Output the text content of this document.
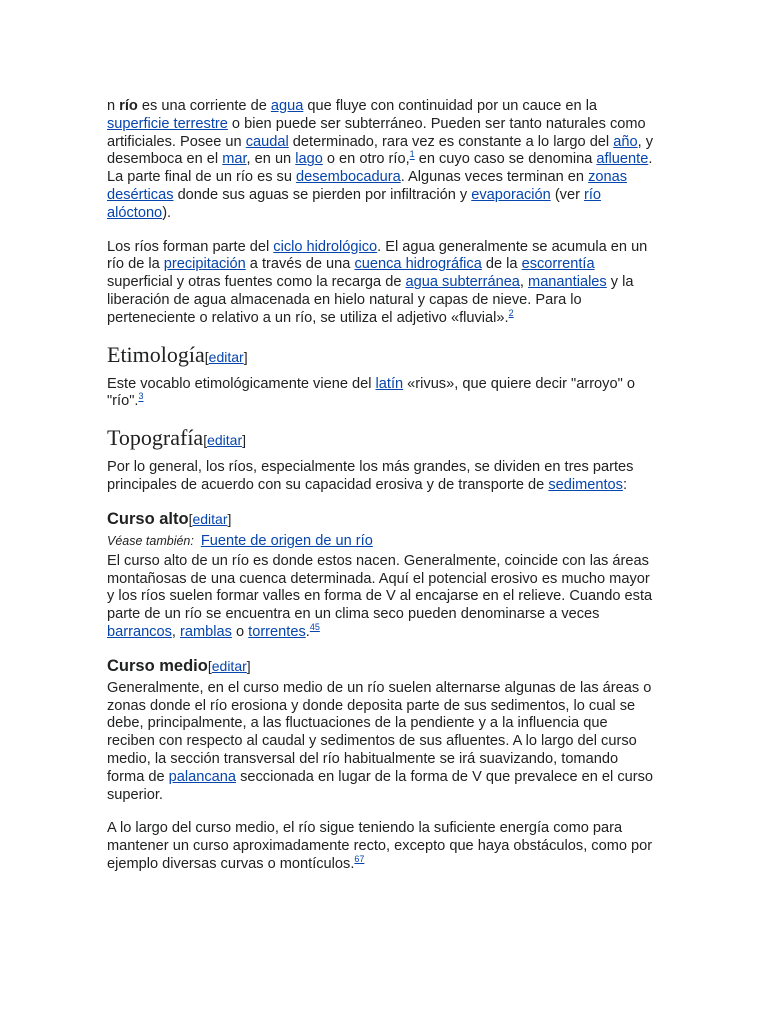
n río es una corriente de agua que fluye con continuidad por un cauce en la superficie terrestre o bien puede ser subterráneo. Pueden ser tanto naturales como artificiales. Posee un caudal determinado, rara vez es constante a lo largo del año, y desemboca en el mar, en un lago o en otro río,$^1$ en cuyo caso se denomina afluente. La parte final de un río es su desembocadura. Algunas veces terminan en zonas desérticas donde sus aguas se pierden por infiltración y evaporación (ver río alóctono).

Los ríos forman parte del ciclo hidrológico. El agua generalmente se acumula en un río de la precipitación a través de una cuenca hidrográfica de la escorrentía superficial y otras fuentes como la recarga de agua subterránea, manantiales y la liberación de agua almacenada en hielo natural y capas de nieve. Para lo perteneciente o relativo a un río, se utiliza el adjetivo «fluvial».$^2$

Etimología[editar]

Este vocablo etimológicamente viene del latín «rivus», que quiere decir "arroyo" o "río".$^3$

Topografía[editar]

Por lo general, los ríos, especialmente los más grandes, se dividen en tres partes principales de acuerdo con su capacidad erosiva y de transporte de sedimentos:

Curso alto[editar]
Véase también: Fuente de origen de un río

El curso alto de un río es donde estos nacen. Generalmente, coincide con las áreas montañosas de una cuenca determinada. Aquí el potencial erosivo es mucho mayor y los ríos suelen formar valles en forma de V al encajarse en el relieve. Cuando esta parte de un río se encuentra en un clima seco pueden denominarse a veces barrancos, ramblas o torrentes.$^{45}$

Curso medio[editar]

Generalmente, en el curso medio de un río suelen alternarse algunas de las áreas o zonas donde el río erosiona y donde deposita parte de sus sedimentos, lo cual se debe, principalmente, a las fluctuaciones de la pendiente y a la influencia que reciben con respecto al caudal y sedimentos de sus afluentes. A lo largo del curso medio, la sección transversal del río habitualmente se irá suavizando, tomando forma de palancana seccionada en lugar de la forma de V que prevalece en el curso superior.

A lo largo del curso medio, el río sigue teniendo la suficiente energía como para mantener un curso aproximadamente recto, excepto que haya obstáculos, como por ejemplo diversas curvas o montículos.$^{67}$
